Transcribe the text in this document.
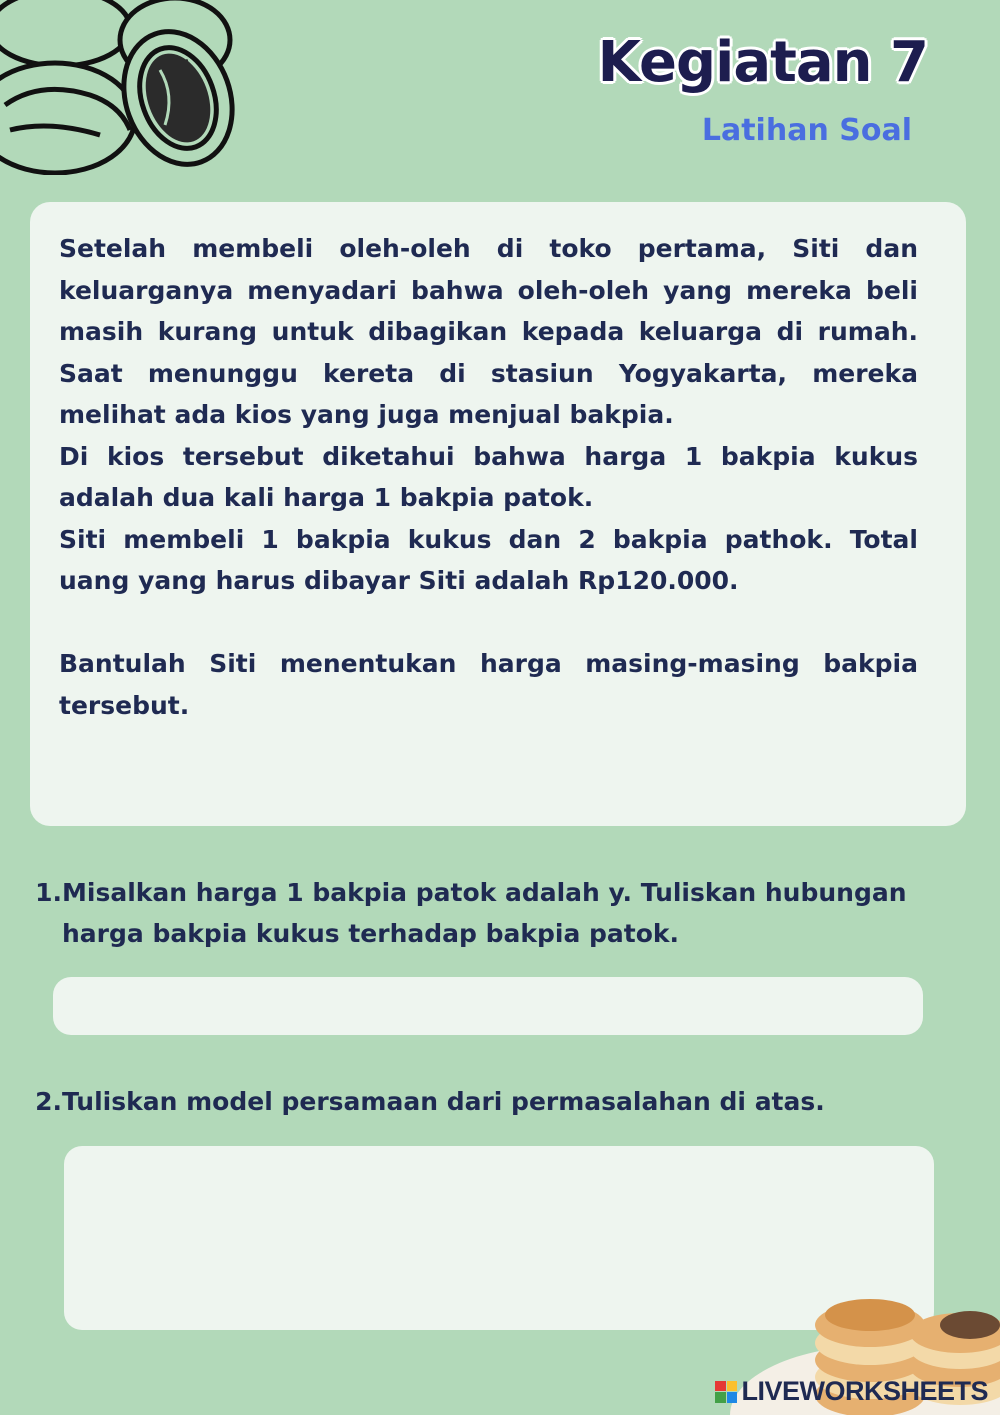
Kegiatan 7
Latihan Soal

Setelah membeli oleh-oleh di toko pertama, Siti dan keluarganya menyadari bahwa oleh-oleh yang mereka beli masih kurang untuk dibagikan kepada keluarga di rumah. Saat menunggu kereta di stasiun Yogyakarta, mereka melihat ada kios yang juga menjual bakpia.

Di kios tersebut diketahui bahwa harga 1 bakpia kukus adalah dua kali harga 1 bakpia patok.

Siti membeli 1 bakpia kukus dan 2 bakpia pathok. Total uang yang harus dibayar Siti adalah Rp120.000.

Bantulah Siti menentukan harga masing-masing bakpia tersebut.

1. Misalkan harga 1 bakpia patok adalah y. Tuliskan hubungan harga bakpia kukus terhadap bakpia patok.
2. Tuliskan model persamaan dari permasalahan di atas.
LIVEWORKSHEETS
